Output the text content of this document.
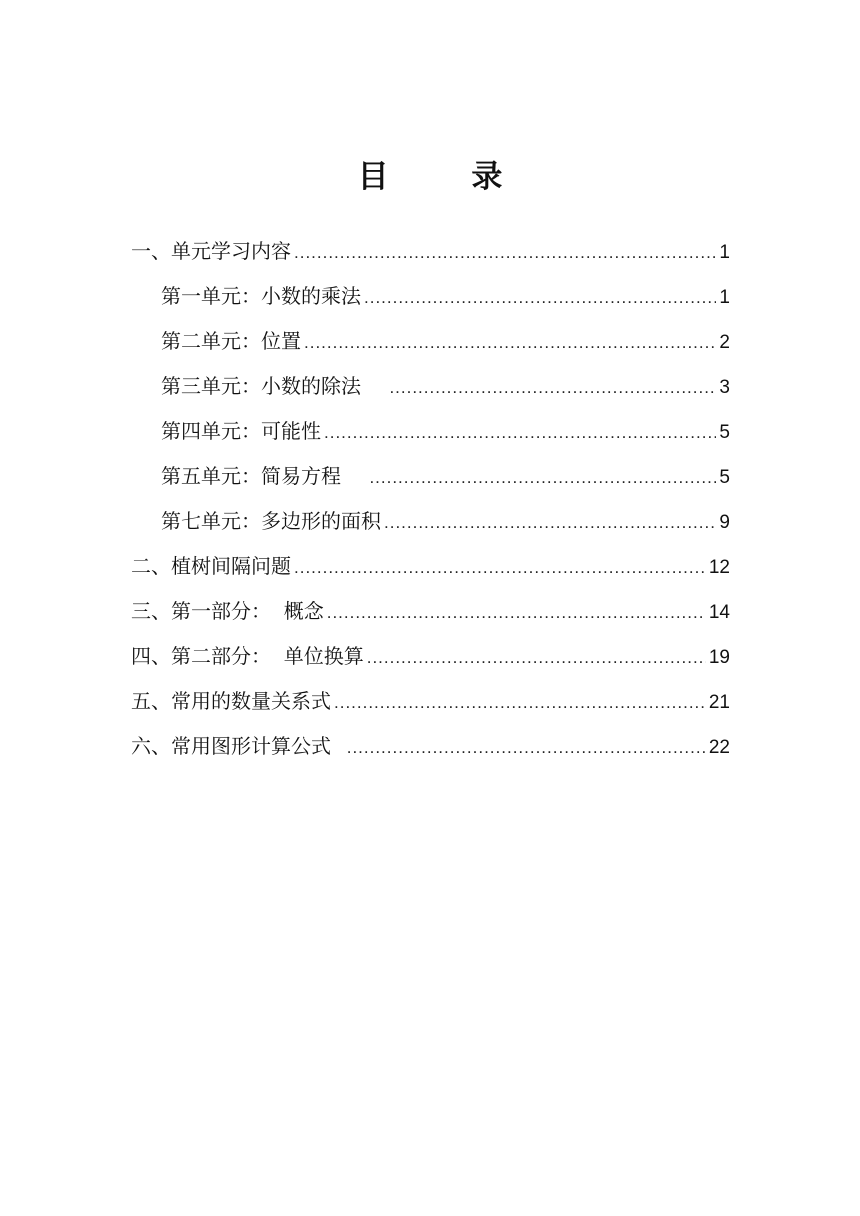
目 录
一、单元学习内容 .....	1
第一单元：小数的乘法 .....	1
第二单元：位置 .....	2
第三单元：小数的除法 .....	3
第四单元：可能性 .....	5
第五单元：简易方程 .....	5
第七单元：多边形的面积 .....	9
二、植树间隔问题 .....	12
三、第一部分：  概念 .....	14
四、第二部分：  单位换算 .....	19
五、常用的数量关系式 .....	21
六、常用图形计算公式 .....	22
